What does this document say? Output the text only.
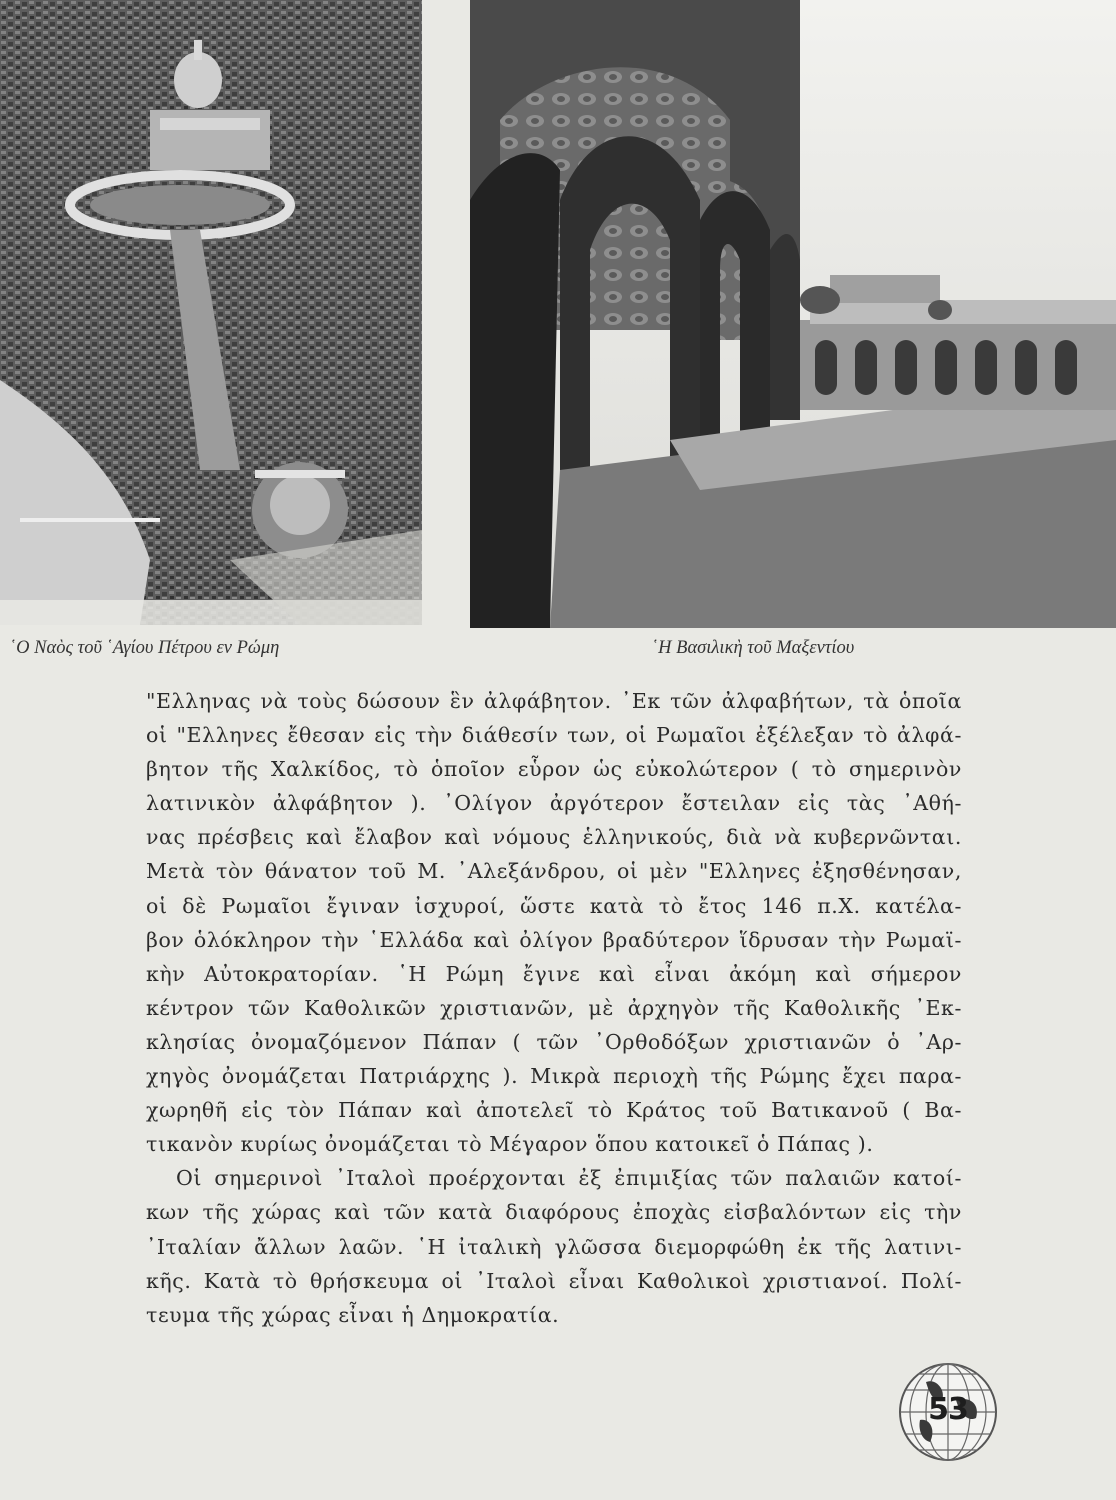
῾Ο Ναὸς τοῦ ῾Αγίου Πέτρου εν Ρώμη	῾Η Βασιλικὴ τοῦ Μαξεντίου
"Ελληνας νὰ τοὺς δώσουν ἓν ἀλφάβητον. ᾿Εκ τῶν ἀλφαβήτων, τὰ ὁποῖα
οἱ "Ελληνες ἔθεσαν εἰς τὴν διάθεσίν των, οἱ Ρωμαῖοι ἐξέλεξαν τὸ ἀλφά-
βητον τῆς Χαλκίδος, τὸ ὁποῖον εὗρον ὡς εὐκολώτερον ( τὸ σημερινὸν
λατινικὸν ἀλφάβητον ). ᾿Ολίγον ἀργότερον ἔστειλαν εἰς τὰς ᾿Αθή-
νας πρέσβεις καὶ ἔλαβον καὶ νόμους ἑλληνικούς, διὰ νὰ κυβερνῶνται.
Μετὰ τὸν θάνατον τοῦ Μ. ᾿Αλεξάνδρου, οἱ μὲν "Ελληνες ἐξησθένησαν,
οἱ δὲ Ρωμαῖοι ἔγιναν ἰσχυροί, ὥστε κατὰ τὸ ἔτος 146 π.Χ. κατέλα-
βον ὁλόκληρον τὴν ῾Ελλάδα καὶ ὀλίγον βραδύτερον ἵδρυσαν τὴν Ρωμαϊ-
κὴν Αὐτοκρατορίαν. ῾Η Ρώμη ἔγινε καὶ εἶναι ἀκόμη καὶ σήμερον
κέντρον τῶν Καθολικῶν χριστιανῶν, μὲ ἀρχηγὸν τῆς Καθολικῆς ᾿Εκ-
κλησίας ὀνομαζόμενον Πάπαν ( τῶν ᾿Ορθοδόξων χριστιανῶν ὁ ᾿Αρ-
χηγὸς ὀνομάζεται Πατριάρχης ). Μικρὰ περιοχὴ τῆς Ρώμης ἔχει παρα-
χωρηθῆ εἰς τὸν Πάπαν καὶ ἀποτελεῖ τὸ Κράτος τοῦ Βατικανοῦ ( Βα-
τικανὸν κυρίως ὀνομάζεται τὸ Μέγαρον ὅπου κατοικεῖ ὁ Πάπας ).
Οἱ σημερινοὶ ᾿Ιταλοὶ προέρχονται ἐξ ἐπιμιξίας τῶν παλαιῶν κατοί-
κων τῆς χώρας καὶ τῶν κατὰ διαφόρους ἐποχὰς εἰσβαλόντων εἰς τὴν
᾿Ιταλίαν ἄλλων λαῶν. ῾Η ἰταλικὴ γλῶσσα διεμορφώθη ἐκ τῆς λατινι-
κῆς. Κατὰ τὸ θρήσκευμα οἱ ᾿Ιταλοὶ εἶναι Καθολικοὶ χριστιανοί. Πολί-
τευμα τῆς χώρας εἶναι ἡ Δημοκρατία.
53
